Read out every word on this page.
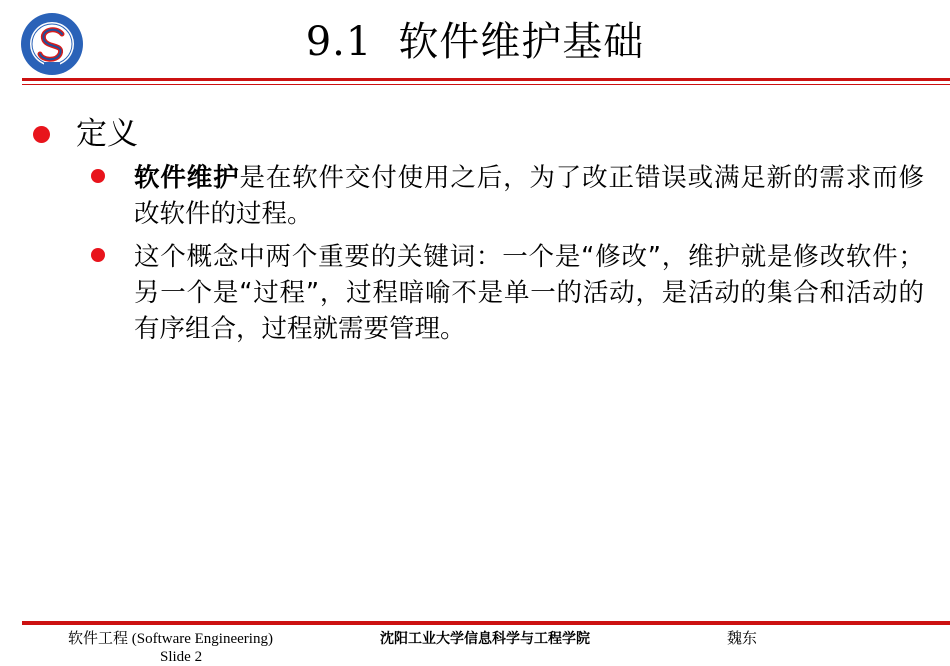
9.1 软件维护基础
定义
软件维护是在软件交付使用之后，为了改正错误或满足新的需求而修改软件的过程。
这个概念中两个重要的关键词：一个是“修改”，维护就是修改软件；另一个是“过程”，过程暗喻不是单一的活动，是活动的集合和活动的有序组合，过程就需要管理。
软件工程 (Software Engineering)	沈阳工业大学信息科学与工程学院	魏东
Slide 2
